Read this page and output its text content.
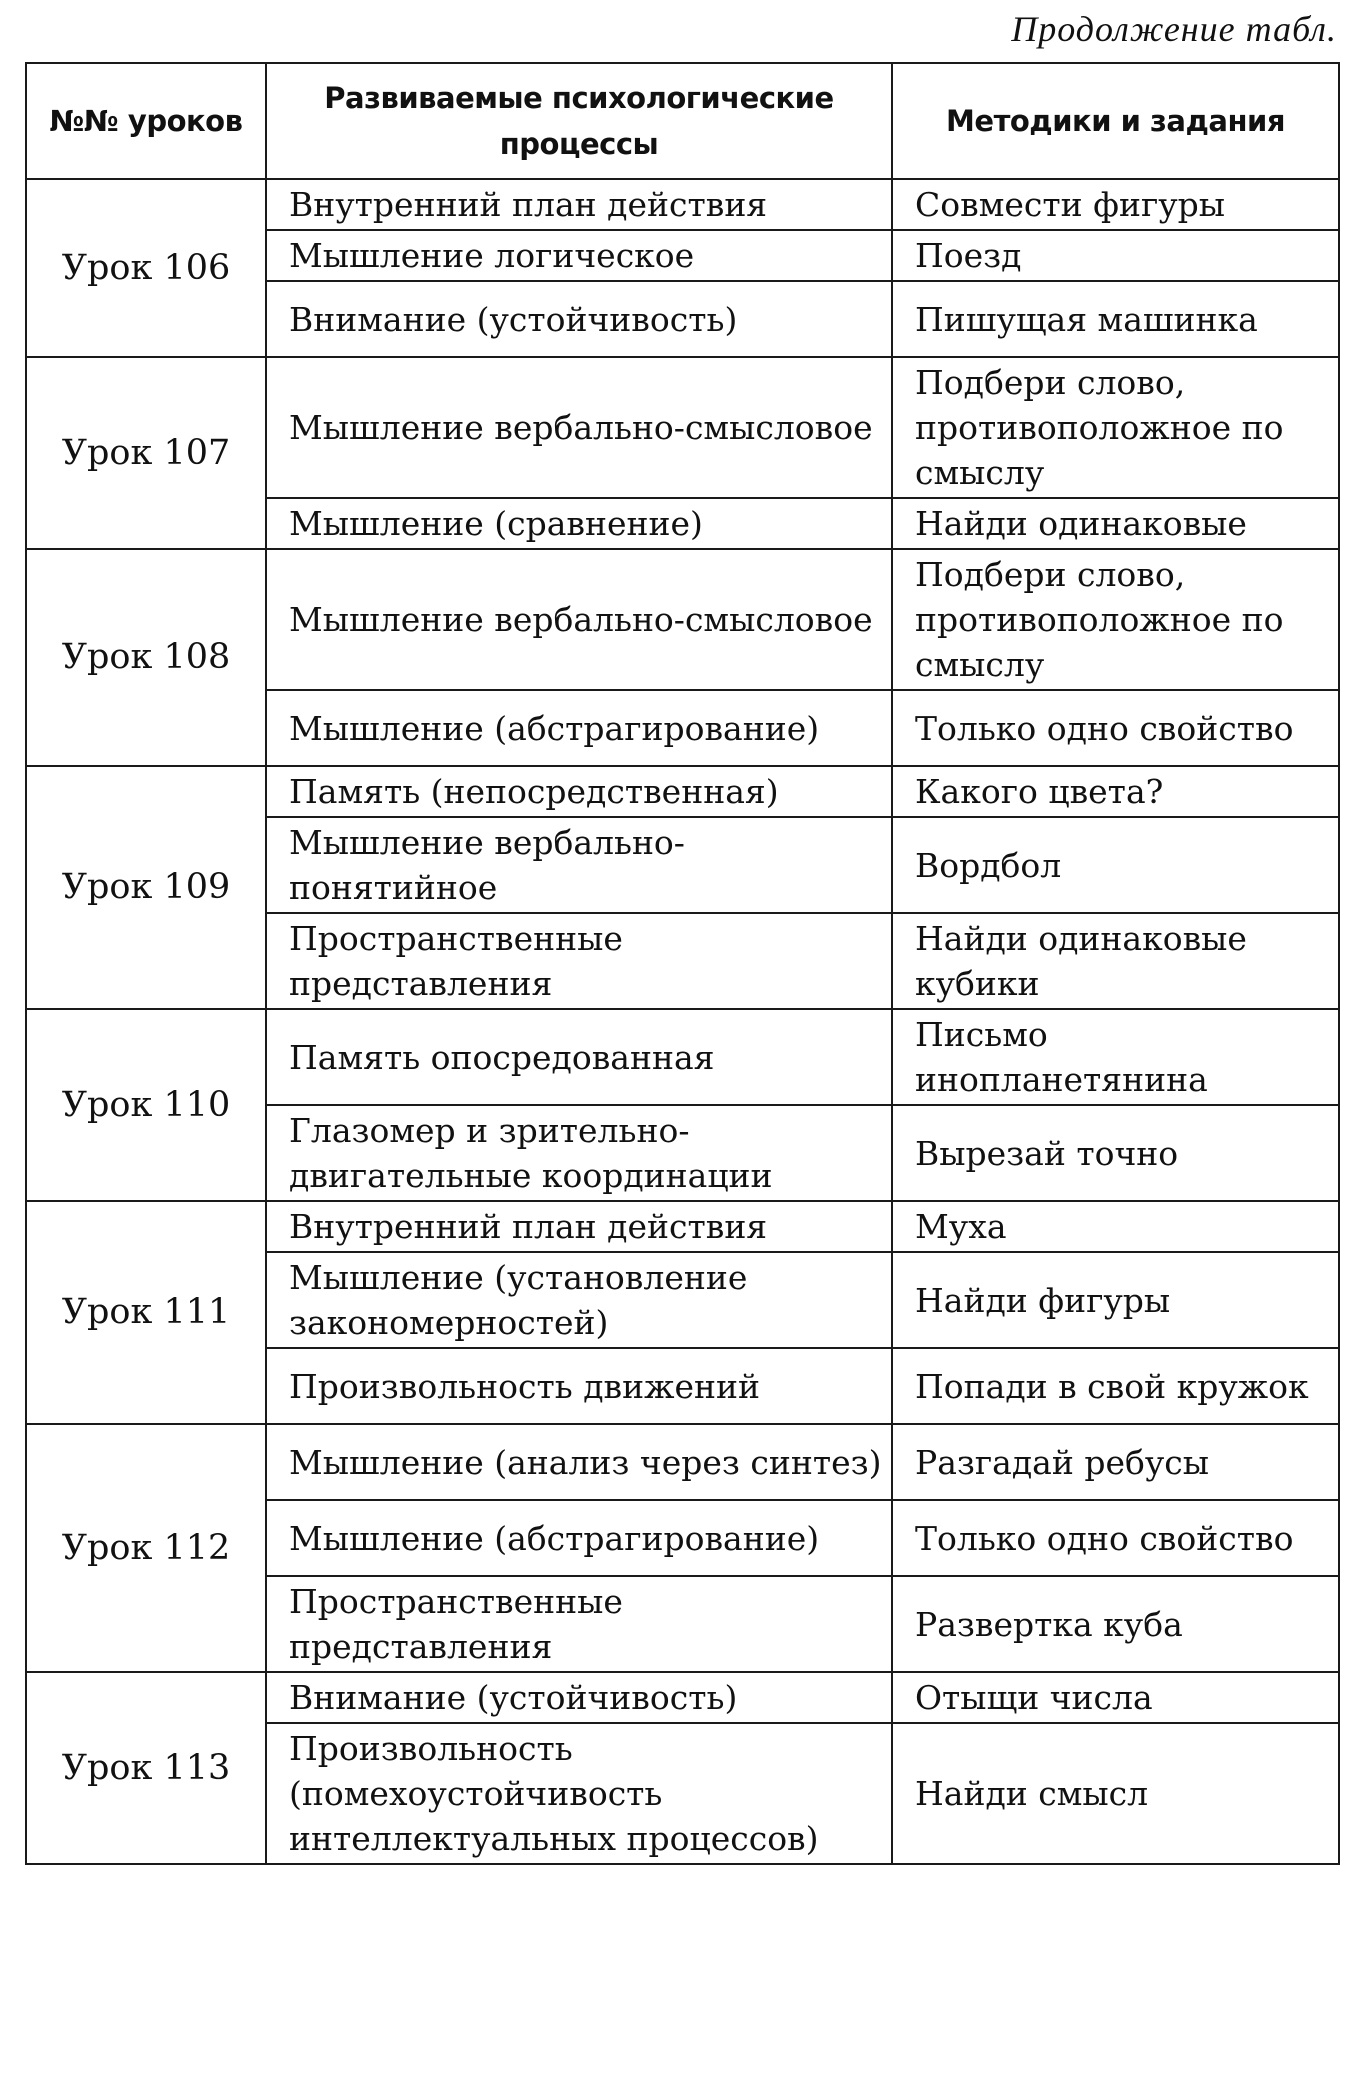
Продолжение табл.
№№ уроков	Развиваемые психологические процессы	Методики и задания
Урок 106	Внутренний план действия	Совмести фигуры
	Мышление логическое	Поезд
	Внимание (устойчивость)	Пишущая машинка
Урок 107	Мышление вербально-смысловое	Подбери слово, противоположное по смыслу
	Мышление (сравнение)	Найди одинаковые
Урок 108	Мышление вербально-смысловое	Подбери слово, противоположное по смыслу
	Мышление (абстрагирование)	Только одно свойство
Урок 109	Память (непосредственная)	Какого цвета?
	Мышление вербально-понятийное	Вордбол
	Пространственные представления	Найди одинаковые кубики
Урок 110	Память опосредованная	Письмо инопланетянина
	Глазомер и зрительно-двигательные координации	Вырезай точно
Урок 111	Внутренний план действия	Муха
	Мышление (установление закономерностей)	Найди фигуры
	Произвольность движений	Попади в свой кружок
Урок 112	Мышление (анализ через синтез)	Разгадай ребусы
	Мышление (абстрагирование)	Только одно свойство
	Пространственные представления	Развертка куба
Урок 113	Внимание (устойчивость)	Отыщи числа
	Произвольность (помехоустойчивость интеллектуальных процессов)	Найди смысл
